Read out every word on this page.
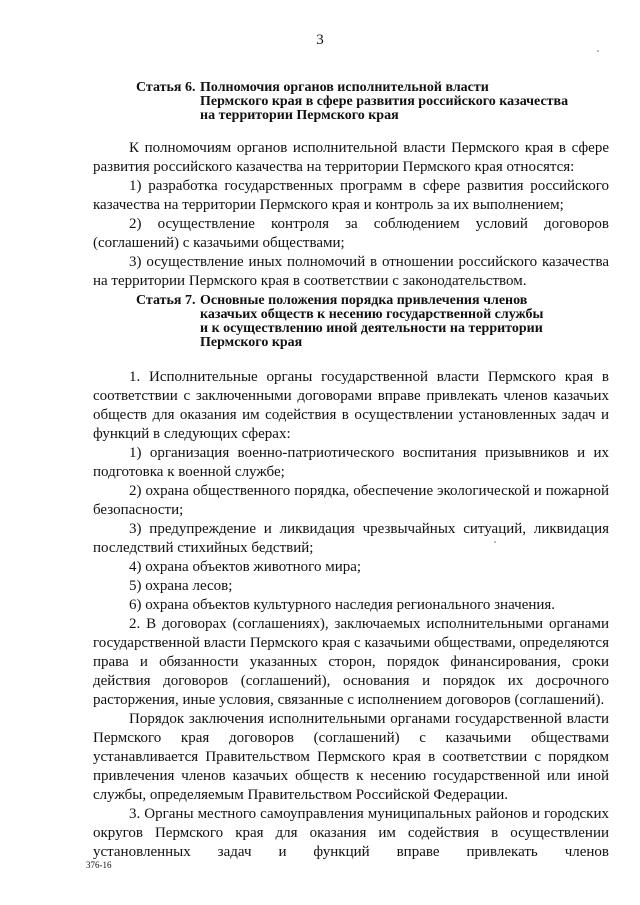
3
Статья 6. Полномочия органов исполнительной власти
Пермского края в сфере развития российского казачества
на территории Пермского края

К полномочиям органов исполнительной власти Пермского края в сфере развития российского казачества на территории Пермского края относятся:

1) разработка государственных программ в сфере развития российского казачества на территории Пермского края и контроль за их выполнением;

2) осуществление контроля за соблюдением условий договоров (соглашений) с казачьими обществами;

3) осуществление иных полномочий в отношении российского казачества на территории Пермского края в соответствии с законодательством.

Статья 7. Основные положения порядка привлечения членов
казачьих обществ к несению государственной службы
и к осуществлению иной деятельности на территории
Пермского края

1. Исполнительные органы государственной власти Пермского края в соответствии с заключенными договорами вправе привлекать членов казачьих обществ для оказания им содействия в осуществлении установленных задач и функций в следующих сферах:

1) организация военно-патриотического воспитания призывников и их подготовка к военной службе;

2) охрана общественного порядка, обеспечение экологической и пожарной безопасности;

3) предупреждение и ликвидация чрезвычайных ситуаций, ликвидация последствий стихийных бедствий;

4) охрана объектов животного мира;

5) охрана лесов;

6) охрана объектов культурного наследия регионального значения.

2. В договорах (соглашениях), заключаемых исполнительными органами государственной власти Пермского края с казачьими обществами, определяются права и обязанности указанных сторон, порядок финансирования, сроки действия договоров (соглашений), основания и порядок их досрочного расторжения, иные условия, связанные с исполнением договоров (соглашений).

Порядок заключения исполнительными органами государственной власти Пермского края договоров (соглашений) с казачьими обществами устанавливается Правительством Пермского края в соответствии с порядком привлечения членов казачьих обществ к несению государственной или иной службы, определяемым Правительством Российской Федерации.

3. Органы местного самоуправления муниципальных районов и городских округов Пермского края для оказания им содействия в осуществлении установленных задач и функций вправе привлекать членов

376-16
